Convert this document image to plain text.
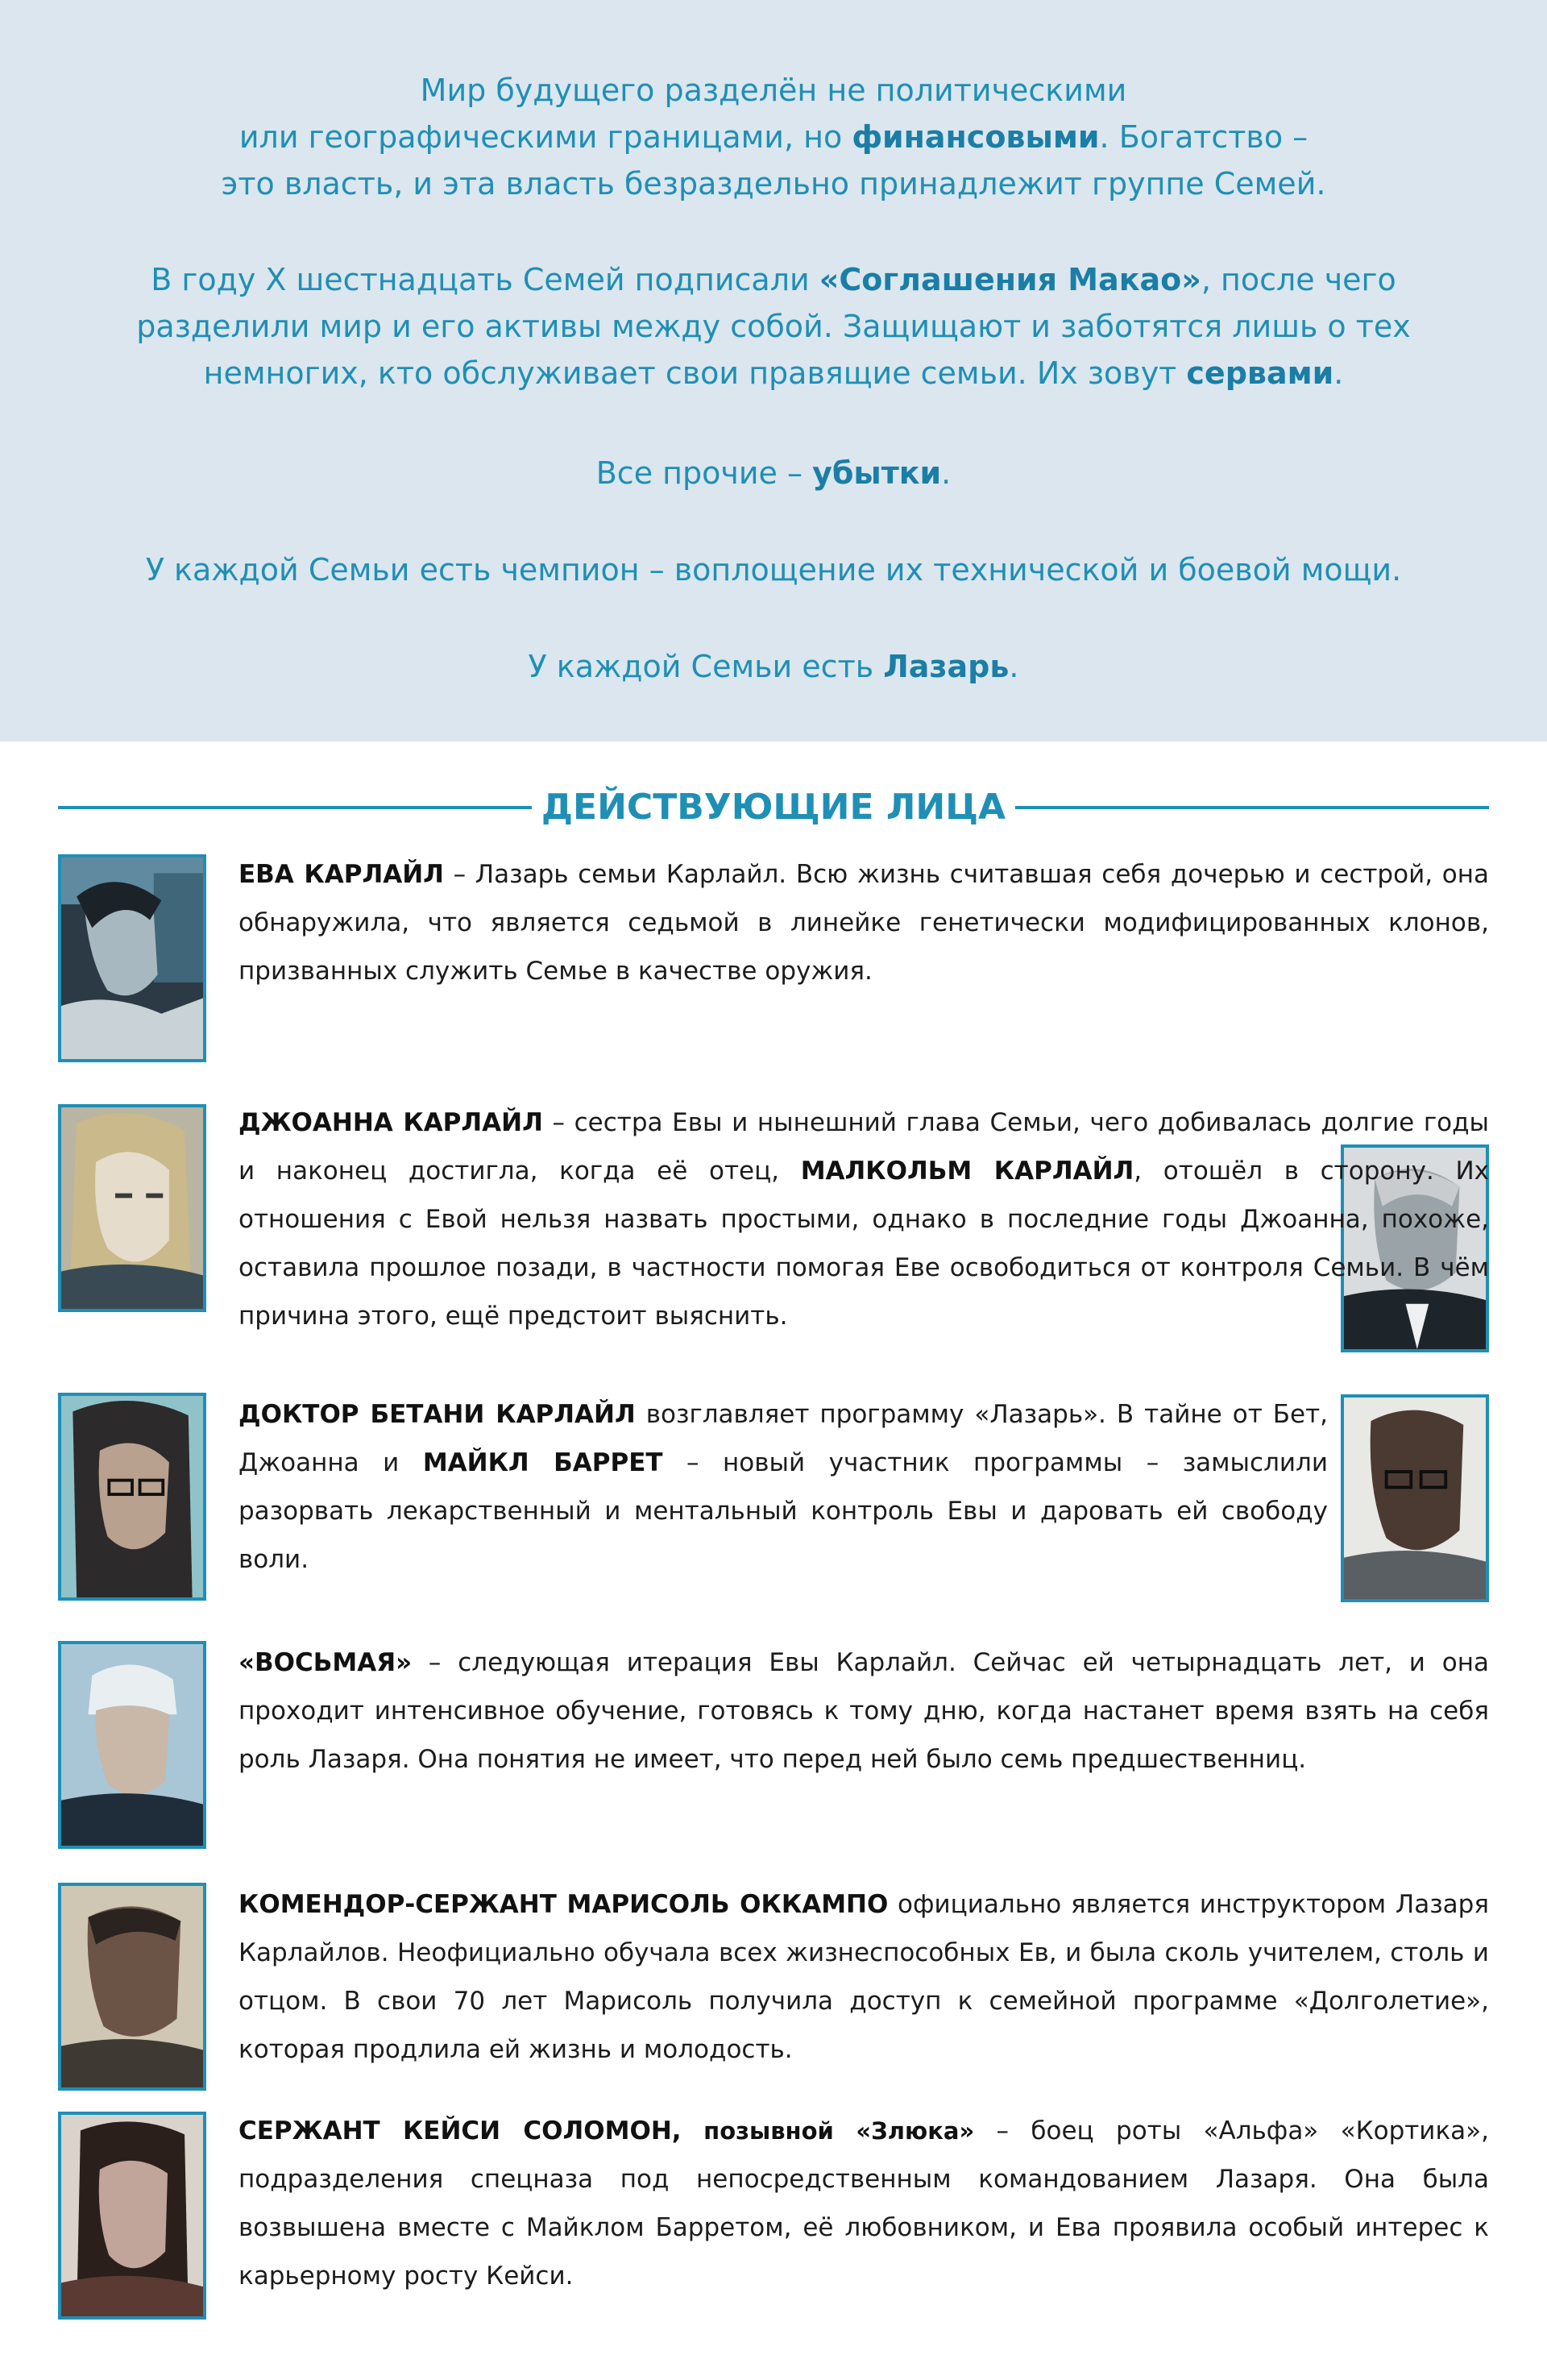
Мир будущего разделён не политическими
или географическими границами, но финансовыми. Богатство –
это власть, и эта власть безраздельно принадлежит группе Семей.

В году X шестнадцать Семей подписали «Соглашения Макао», после чего
разделили мир и его активы между собой. Защищают и заботятся лишь о тех
немногих, кто обслуживает свои правящие семьи. Их зовут сервами.

Все прочие – убытки.

У каждой Семьи есть чемпион – воплощение их технической и боевой мощи.

У каждой Семьи есть Лазарь.

ДЕЙСТВУЮЩИЕ ЛИЦА

ЕВА КАРЛАЙЛ – Лазарь семьи Карлайл. Всю жизнь считавшая себя дочерью и сестрой, она обнаружила, что является седьмой в линейке генетически модифицированных клонов, призванных служить Семье в качестве оружия.

ДЖОАННА КАРЛАЙЛ – сестра Евы и нынешний глава Семьи, чего добивалась долгие годы и наконец достигла, когда её отец, МАЛКОЛЬМ КАРЛАЙЛ, отошёл в сторону. Их отношения с Евой нельзя назвать простыми, однако в последние годы Джоанна, похоже, оставила прошлое позади, в частности помогая Еве освободиться от контроля Семьи. В чём причина этого, ещё предстоит выяснить.

ДОКТОР БЕТАНИ КАРЛАЙЛ возглавляет программу «Лазарь». В тайне от Бет, Джоанна и МАЙКЛ БАРРЕТ – новый участник программы – замыслили разорвать лекарственный и ментальный контроль Евы и даровать ей свободу воли.

«ВОСЬМАЯ» – следующая итерация Евы Карлайл. Сейчас ей четырнадцать лет, и она проходит интенсивное обучение, готовясь к тому дню, когда настанет время взять на себя роль Лазаря. Она понятия не имеет, что перед ней было семь предшественниц.

КОМЕНДОР-СЕРЖАНТ МАРИСОЛЬ ОККАМПО официально является инструктором Лазаря Карлайлов. Неофициально обучала всех жизнеспособных Ев, и была сколь учителем, столь и отцом. В свои 70 лет Марисоль получила доступ к семейной программе «Долголетие», которая продлила ей жизнь и молодость.

СЕРЖАНТ КЕЙСИ СОЛОМОН, позывной «Злюка» – боец роты «Альфа» «Кортика», подразделения спецназа под непосредственным командованием Лазаря. Она была возвышена вместе с Майклом Барретом, её любовником, и Ева проявила особый интерес к карьерному росту Кейси.
